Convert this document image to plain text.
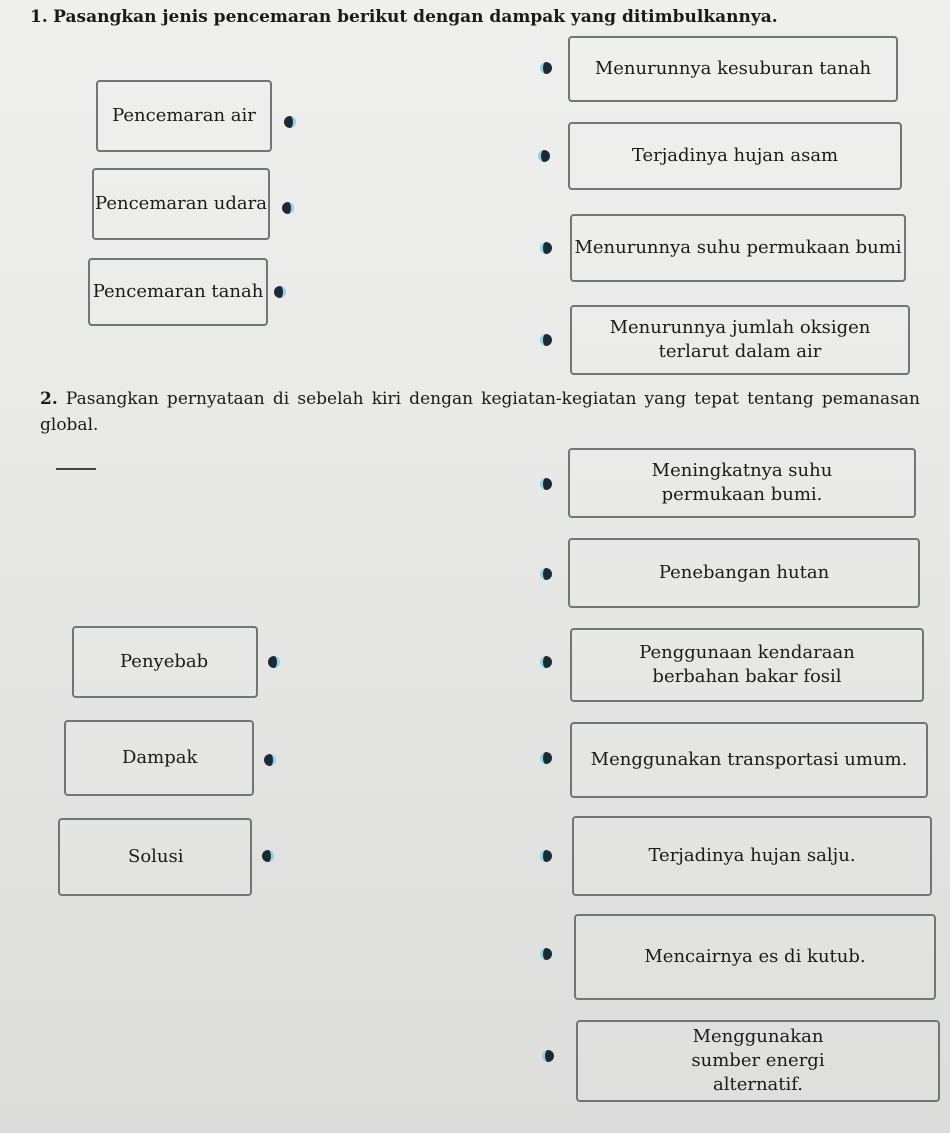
1. Pasangkan jenis pencemaran berikut dengan dampak yang ditimbulkannya.
Pencemaran air
Pencemaran udara
Pencemaran tanah
Menurunnya kesuburan tanah
Terjadinya hujan asam
Menurunnya suhu permukaan bumi
Menurunnya jumlah oksigen terlarut dalam air
2. Pasangkan pernyataan di sebelah kiri dengan kegiatan-kegiatan yang tepat tentang pemanasan global.
Penyebab
Dampak
Solusi
Meningkatnya suhu permukaan bumi.
Penebangan hutan
Penggunaan kendaraan berbahan bakar fosil
Menggunakan transportasi umum.
Terjadinya hujan salju.
Mencairnya es di kutub.
Menggunakan sumber energi alternatif.
